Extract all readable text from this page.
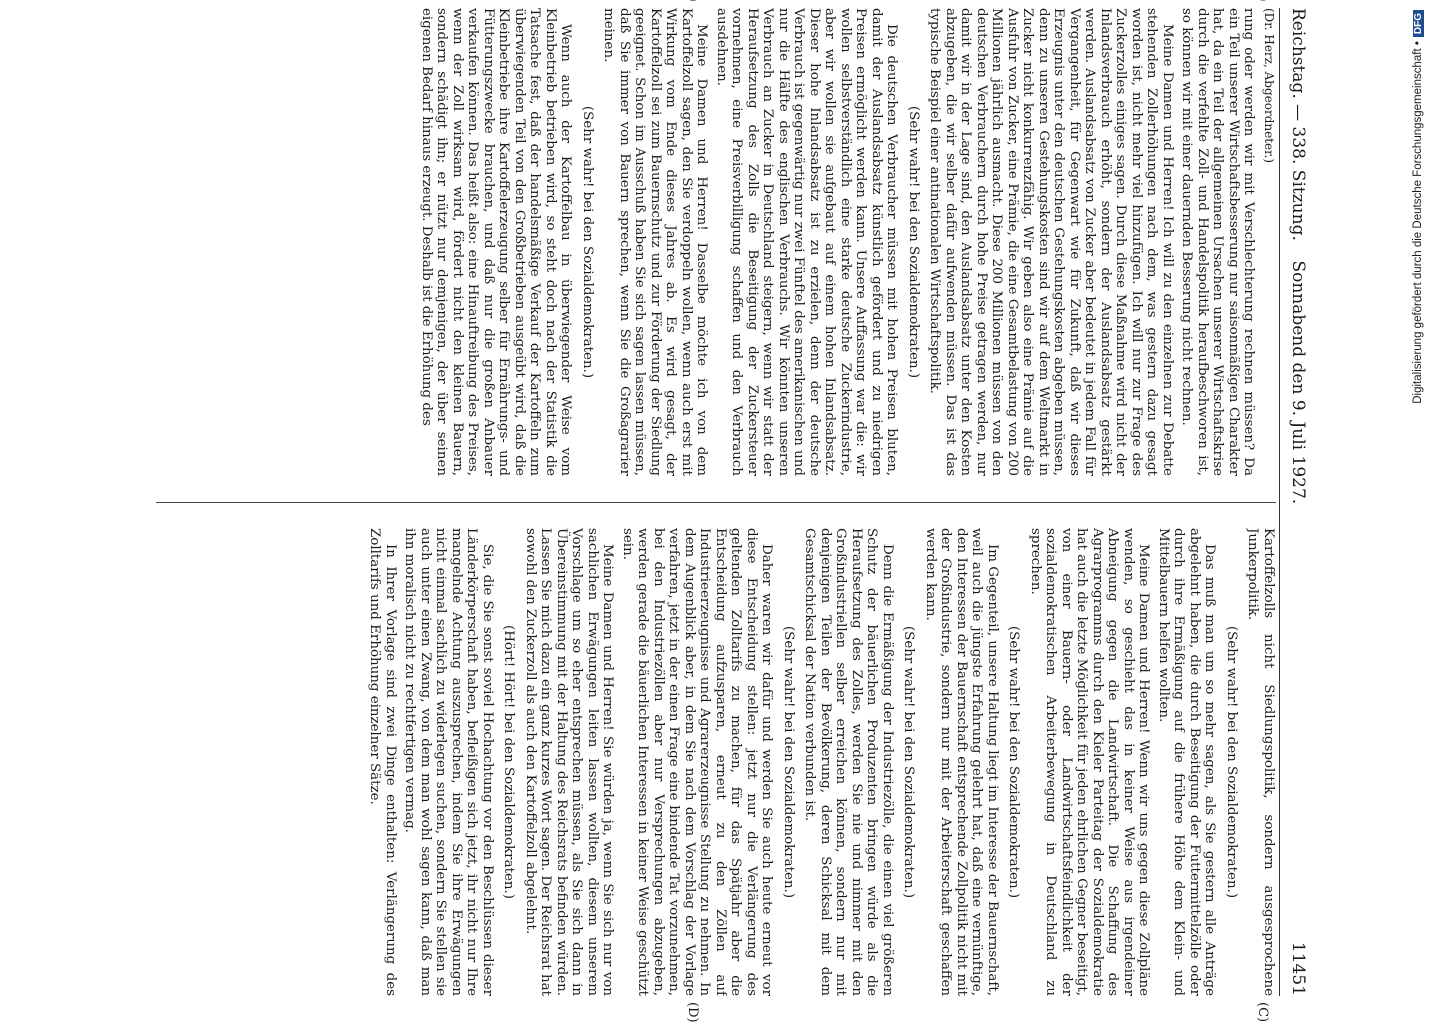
Reichstag. — 338. Sitzung.
Sonnabend den 9. Juli 1927.                                                                                 11451

(Dr. Herz, Abgeordneter.)

rung oder werden wir mit Verschlechterung rechnen müssen? Da ein Teil unserer Wirtschaftsbesserung nur saisonmäßigen Charakter hat, da ein Teil der allgemeinen Ursachen unserer Wirtschaftskrise durch die verfehlte Zoll- und Handelspolitik heraufbeschworen ist, so können wir mit einer dauernden Besserung nicht rechnen.

Meine Damen und Herren! Ich will zu den einzelnen zur Debatte stehenden Zollerhöhungen nach dem, was gestern dazu gesagt worden ist, nicht mehr viel hinzufügen. Ich will nur zur Frage des Zuckerzolles einiges sagen. Durch diese Maßnahme wird nicht der Inlandsverbrauch erhöht, sondern der Auslandsabsatz gestärkt werden. Auslandsabsatz von Zucker aber bedeutet in jedem Fall für Vergangenheit, für Gegenwart wie für Zukunft, daß wir dieses Erzeugnis unter den deutschen Gestehungskosten abgeben müssen, denn zu unseren Gestehungskosten sind wir auf dem Weltmarkt in Zucker nicht konkurrenzfähig. Wir geben also eine Prämie auf die Ausfuhr von Zucker, eine Prämie, die eine Gesamtbelastung von 200 Millionen jährlich ausmacht. Diese 200 Millionen müssen von den deutschen Verbrauchern durch hohe Preise getragen werden, nur damit wir in der Lage sind, den Auslandsabsatz unter den Kosten abzugeben, die wir selber dafür aufwenden müssen. Das ist das typische Beispiel einer antinationalen Wirtschaftspolitik.

(Sehr wahr! bei den Sozialdemokraten.)

Die deutschen Verbraucher müssen mit hohen Preisen bluten, damit der Auslandsabsatz künstlich gefördert und zu niedrigen Preisen ermöglicht werden kann. Unsere Auffassung war die: wir wollen selbstverständlich eine starke deutsche Zuckerindustrie, aber wir wollen sie aufgebaut auf einem hohen Inlandsabsatz. Dieser hohe Inlandsabsatz ist zu erzielen, denn der deutsche Verbrauch ist gegenwärtig nur zwei Fünftel des amerikanischen und nur die Hälfte des englischen Verbrauchs. Wir könnten unseren Verbrauch an Zucker in Deutschland steigern, wenn wir statt der Heraufsetzung des Zolls die Beseitigung der Zuckersteuer vornehmen, eine Preisverbilligung schaffen und den Verbrauch ausdehnen.

Meine Damen und Herren! Dasselbe möchte ich von dem Kartoffelzoll sagen, den Sie verdoppeln wollen, wenn auch erst mit Wirkung vom Ende dieses Jahres ab. Es wird gesagt, der Kartoffelzoll sei zum Bauernschutz und zur Förderung der Siedlung geeignet. Schon im Ausschuß haben Sie sich sagen lassen müssen, daß Sie immer von Bauern sprechen, wenn Sie die Großagrarier meinen.

(Sehr wahr! bei den Sozialdemokraten.)

Wenn auch der Kartoffelbau in überwiegender Weise vom Kleinbetrieb betrieben wird, so steht doch nach der Statistik die Tatsache fest, daß der handelsmäßige Verkauf der Kartoffeln zum überwiegenden Teil von den Großbetrieben ausgeübt wird, daß die Kleinbetriebe ihre Kartoffelerzeugung selber für Ernährungs- und Fütterungszwecke brauchen, und daß nur die großen Anbauer verkaufen können. Das heißt also: eine Hinauftreibung des Preises, wenn der Zoll wirksam wird, fördert nicht den kleinen Bauern, sondern schädigt ihn; er nützt nur demjenigen, der über seinen eigenen Bedarf hinaus erzeugt. Deshalb ist die Erhöhung des

Kartoffelzolls nicht Siedlungspolitik, sondern ausgesprochene Junkerpolitik.

(Sehr wahr! bei den Sozialdemokraten.)

Das muß man um so mehr sagen, als Sie gestern alle Anträge abgelehnt haben, die durch Beseitigung der Futtermittelzölle oder durch ihre Ermäßigung auf die frühere Höhe dem Klein- und Mittelbauern helfen wollten.

Meine Damen und Herren! Wenn wir uns gegen diese Zollpläne wenden, so geschieht das in keiner Weise aus irgendeiner Abneigung gegen die Landwirtschaft. Die Schaffung des Agrarprogramms durch den Kieler Parteitag der Sozialdemokratie hat auch die letzte Möglichkeit für jeden ehrlichen Gegner beseitigt, von einer Bauern- oder Landwirtschaftsfeindlichkeit der sozialdemokratischen Arbeiterbewegung in Deutschland zu sprechen.

(Sehr wahr! bei den Sozialdemokraten.)

Im Gegenteil, unsere Haltung liegt im Interesse der Bauernschaft, weil auch die jüngste Erfahrung gelehrt hat, daß eine vernünftige, den Interessen der Bauernschaft entsprechende Zollpolitik nicht mit der Großindustrie, sondern nur mit der Arbeiterschaft geschaffen werden kann.

(Sehr wahr! bei den Sozialdemokraten.)

Denn die Ermäßigung der Industriezölle, die einen viel größeren Schutz der bäuerlichen Produzenten bringen würde als die Heraufsetzung des Zolles, werden Sie nie und nimmer mit den Großindustriellen selber erreichen können, sondern nur mit denjenigen Teilen der Bevölkerung, deren Schicksal mit dem Gesamtschicksal der Nation verbunden ist.

(Sehr wahr! bei den Sozialdemokraten.)

Daher waren wir dafür und werden Sie auch heute erneut vor diese Entscheidung stellen: jetzt nur die Verlängerung des geltenden Zolltarifs zu machen, für das Spätjahr aber die Entscheidung aufzusparen, erneut zu den Zöllen auf Industrieerzeugnisse und Agrarerzeugnisse Stellung zu nehmen. In dem Augenblick aber, in dem Sie nach dem Vorschlag der Vorlage verfahren, jetzt in der einen Frage eine bindende Tat vorzunehmen, bei den Industriezöllen aber nur Versprechungen abzugeben, werden gerade die bäuerlichen Interessen in keiner Weise geschützt sein.

Meine Damen und Herren! Sie würden ja, wenn Sie sich nur von sachlichen Erwägungen leiten lassen wollten, diesem unserem Vorschlage um so eher entsprechen müssen, als Sie sich dann in Übereinstimmung mit der Haltung des Reichsrats befinden würden. Lassen Sie mich dazu ein ganz kurzes Wort sagen. Der Reichsrat hat sowohl den Zuckerzoll als auch den Kartoffelzoll abgelehnt.

(Hört! Hört! bei den Sozialdemokraten.)

Sie, die Sie sonst soviel Hochachtung vor den Beschlüssen dieser Länderkörperschaft haben, befleißigen sich jetzt, ihr nicht nur Ihre mangelnde Achtung auszusprechen, indem Sie ihre Erwägungen nicht einmal sachlich zu widerlegen suchen, sondern Sie stellen sie auch unter einen Zwang, von dem man wohl sagen kann, daß man ihn moralisch nicht zu rechtfertigen vermag.

In Ihrer Vorlage sind zwei Dinge enthalten: Verlängerung des Zolltarifs und Erhöhung einzelner Sätze.

(C)
(D)
Digitalisierung gefördert durch die Deutsche Forschungsgemeinschaft •DFG
